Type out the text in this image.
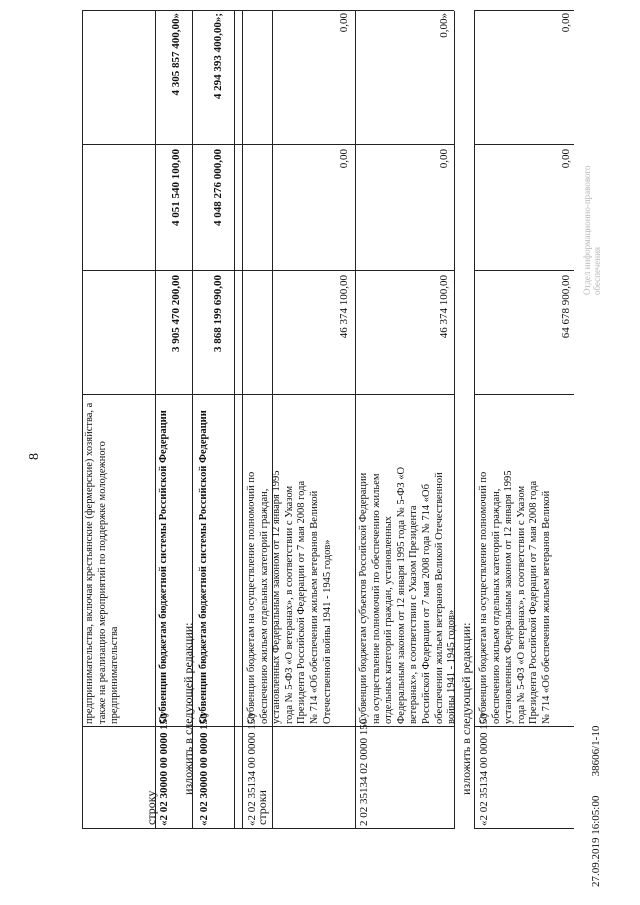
8	предпринимательства, включая крестьянские (фермерские) хозяйства, а также на реализацию мероприятий по поддержке молодежного предпринимательства
строку «2 02 30000 00 0000 150
Субвенции бюджетам бюджетной системы Российской Федерации
3 905 470 200,00
4 051 540 100,00
4 305 857 400,00»
изложить в следующей редакции: «2 02 30000 00 0000 150
Субвенции бюджетам бюджетной системы Российской Федерации
3 868 199 690,00
4 048 276 000,00
4 294 393 400,00»;
строки
«2 02 35134 00 0000 150
Субвенции бюджетам на осуществление полномочий по обеспечению жильем отдельных категорий граждан, установленных Федеральным законом от 12 января 1995 года № 5-ФЗ «О ветеранах», в соответствии с Указом Президента Российской Федерации от 7 мая 2008 года № 714 «Об обеспечении жильем ветеранов Великой Отечественной войны 1941 - 1945 годов»
46 374 100,00
0,00
0,00
2 02 35134 02 0000 150
Субвенции бюджетам субъектов Российской Федерации на осуществление полномочий по обеспечению жильем отдельных категорий граждан, установленных Федеральным законом от 12 января 1995 года № 5-ФЗ «О ветеранах», в соответствии с Указом Президента Российской Федерации от 7 мая 2008 года № 714 «Об обеспечении жильем ветеранов Великой Отечественной войны 1941 - 1945 годов»
46 374 100,00
0,00
0,00»
изложить в следующей редакции: «2 02 35134 00 0000 150
Субвенции бюджетам на осуществление полномочий по обеспечению жильем отдельных категорий граждан, установленных Федеральным законом от 12 января 1995 года № 5-ФЗ «О ветеранах», в соответствии с Указом Президента Российской Федерации от 7 мая 2008 года № 714 «Об обеспечении жильем ветеранов Великой
64 678 900,00
0,00
0,00
27.09.2019 16:05:00       38606/1-10
Отдел информационно-правового обеспечения
